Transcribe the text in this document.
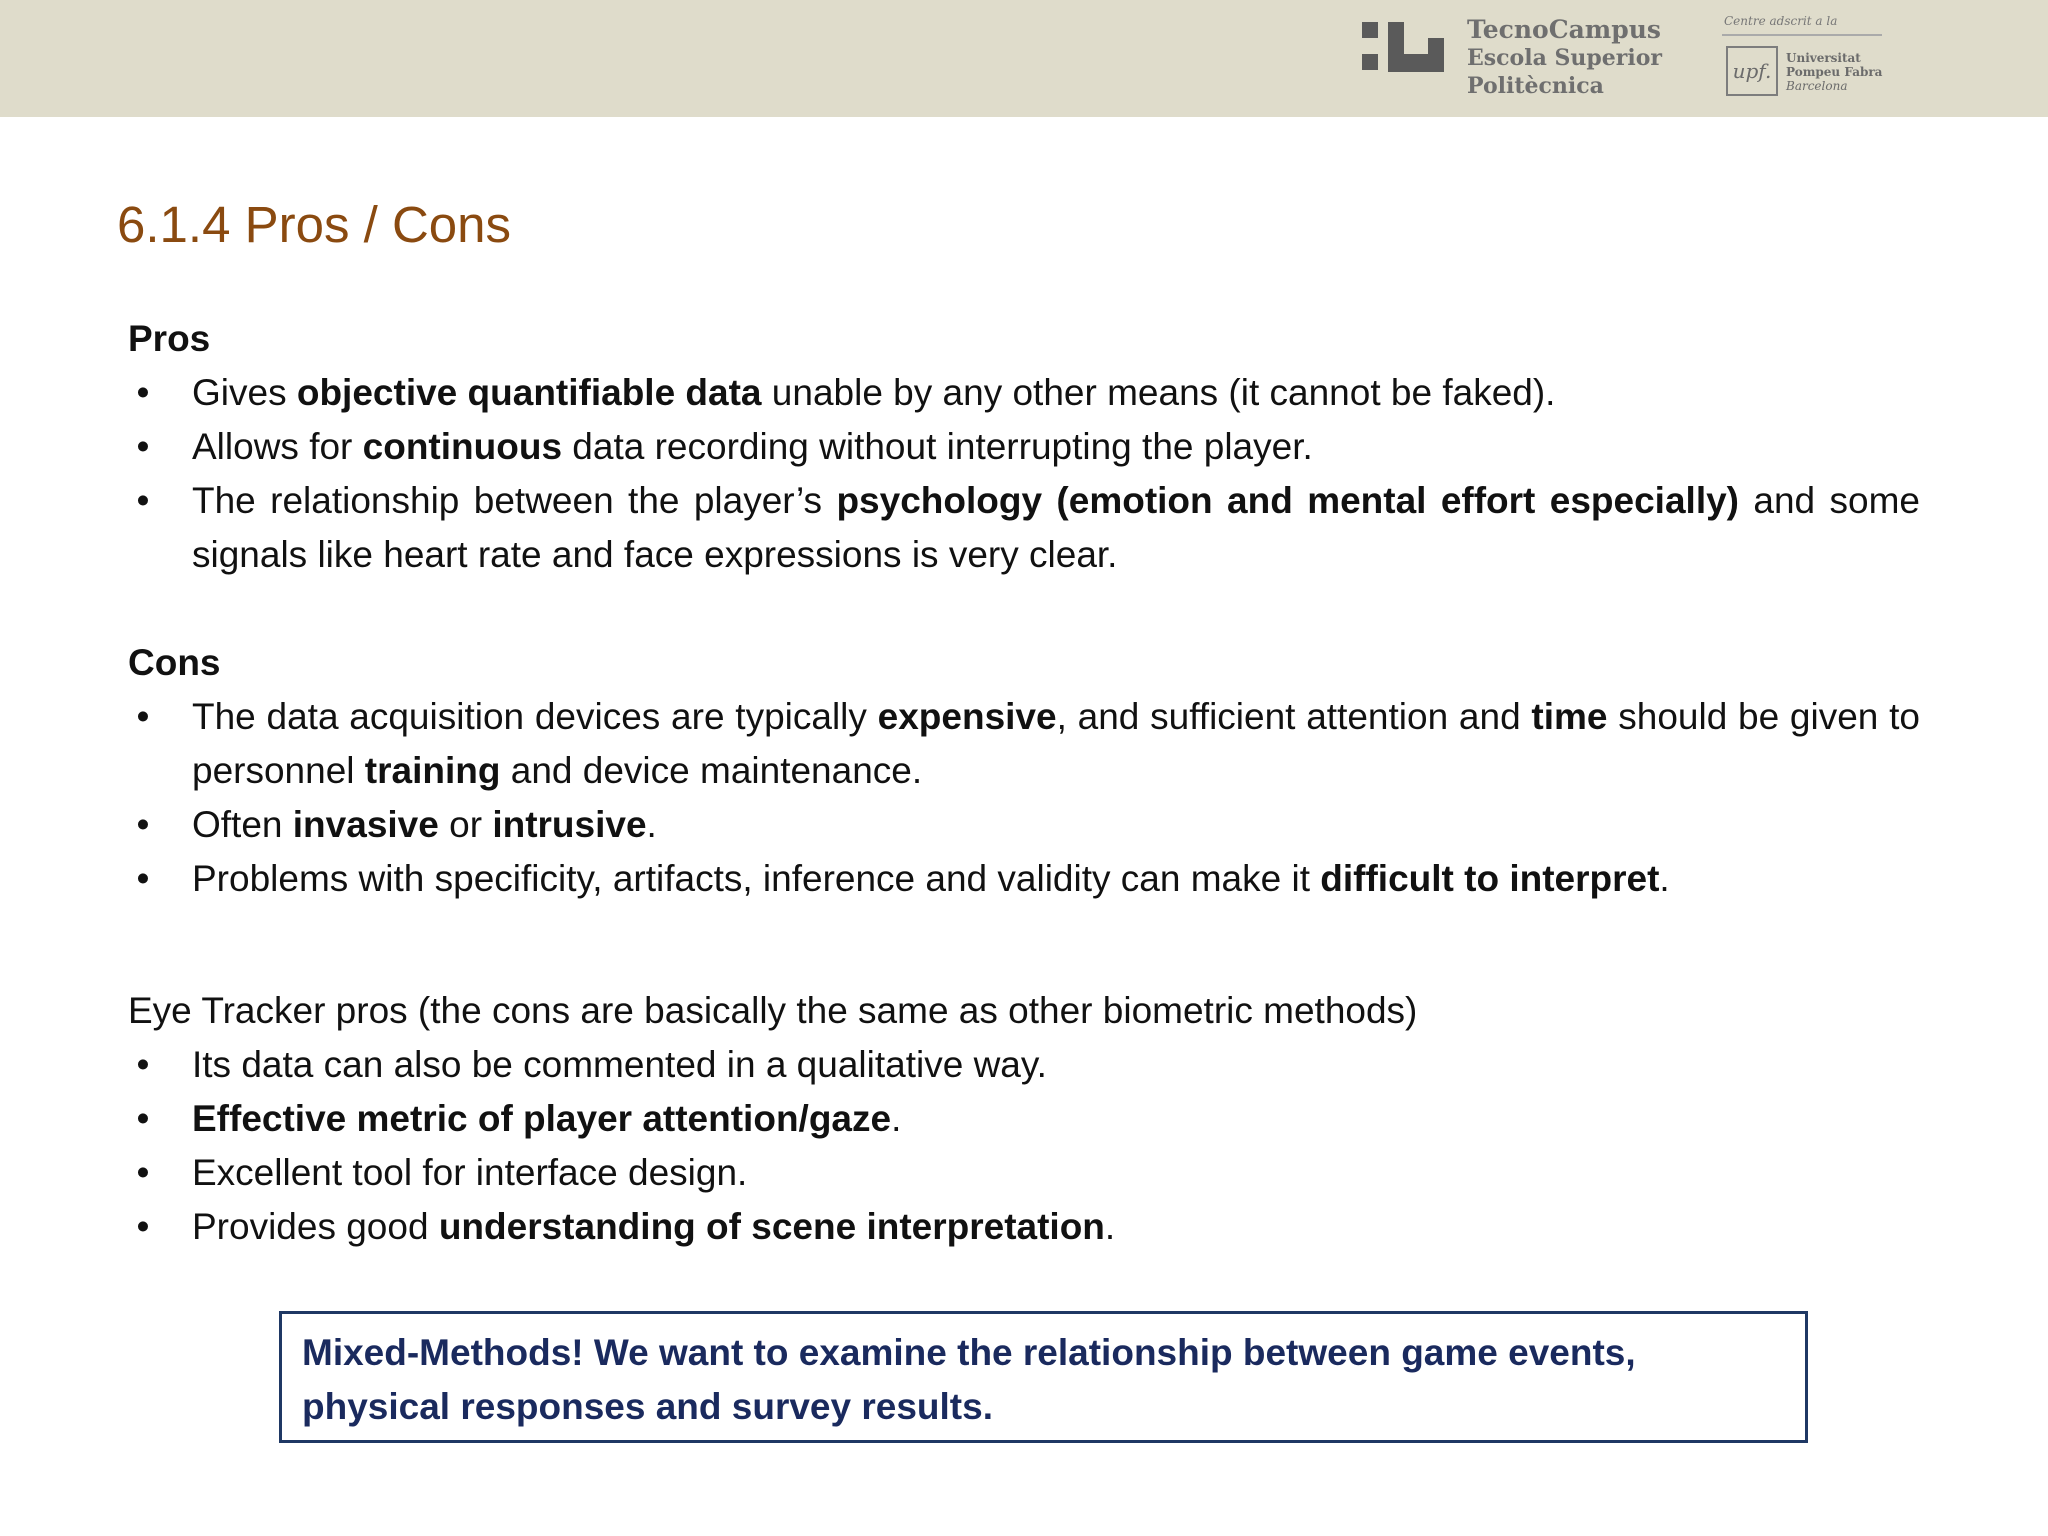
TecnoCampus
Escola Superior
Politècnica
Centre adscrit a la
upf.
Universitat
Pompeu Fabra
Barcelona
6.1.4 Pros / Cons

Pros

• Gives objective quantifiable data unable by any other means (it cannot be faked).
• Allows for continuous data recording without interrupting the player.
• The relationship between the player’s psychology (emotion and mental effort especially) and some signals like heart rate and face expressions is very clear.

Cons

• The data acquisition devices are typically expensive, and sufficient attention and time should be given to personnel training and device maintenance.
• Often invasive or intrusive.
• Problems with specificity, artifacts, inference and validity can make it difficult to interpret.

Eye Tracker pros (the cons are basically the same as other biometric methods)

• Its data can also be commented in a qualitative way.
• Effective metric of player attention/gaze.
• Excellent tool for interface design.
• Provides good understanding of scene interpretation.
Mixed-Methods! We want to examine the relationship between game events, physical responses and survey results.
